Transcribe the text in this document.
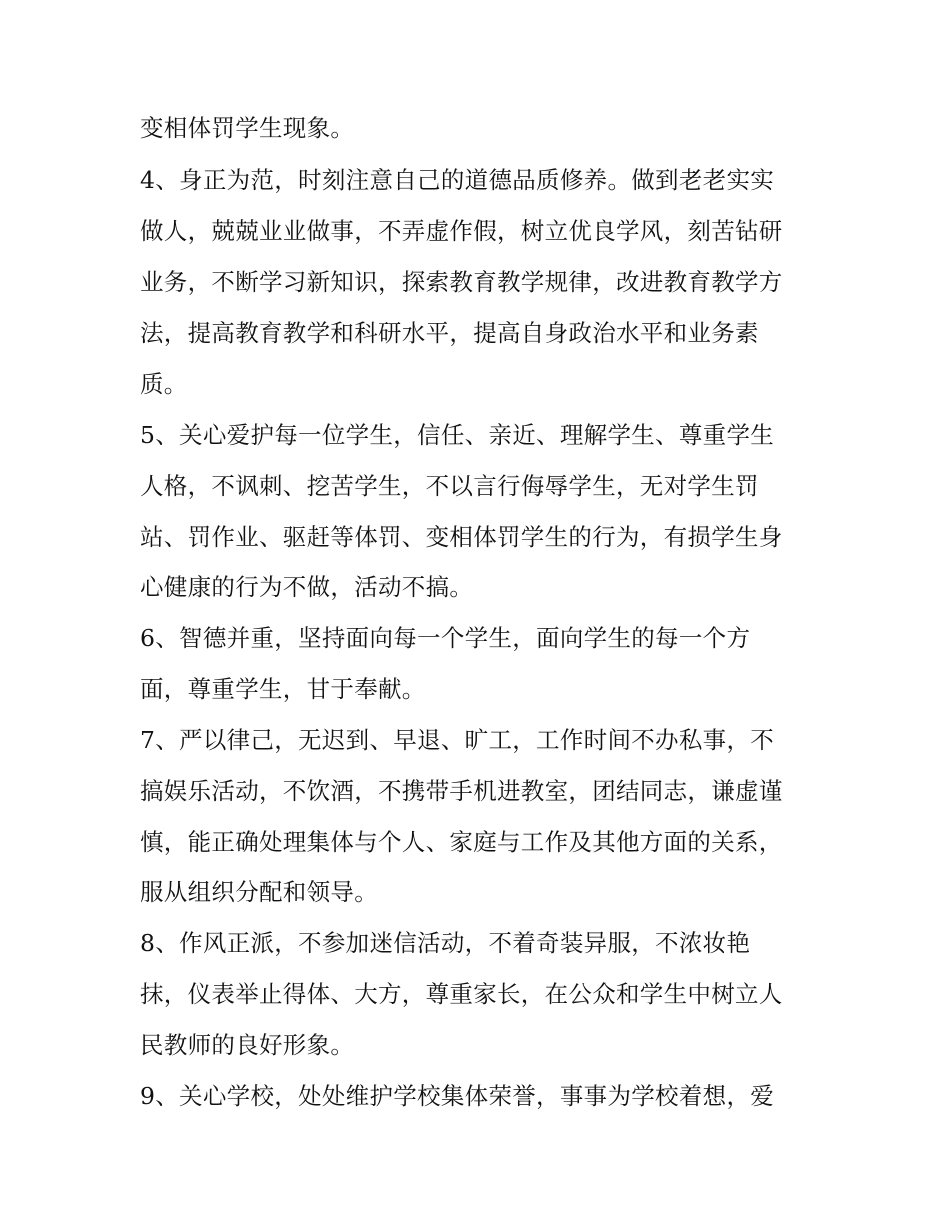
变相体罚学生现象。
4、身正为范，时刻注意自己的道德品质修养。做到老老实实
做人，兢兢业业做事，不弄虚作假，树立优良学风，刻苦钻研
业务，不断学习新知识，探索教育教学规律，改进教育教学方
法，提高教育教学和科研水平，提高自身政治水平和业务素
质。
5、关心爱护每一位学生，信任、亲近、理解学生、尊重学生
人格，不讽刺、挖苦学生，不以言行侮辱学生，无对学生罚
站、罚作业、驱赶等体罚、变相体罚学生的行为，有损学生身
心健康的行为不做，活动不搞。
6、智德并重，坚持面向每一个学生，面向学生的每一个方
面，尊重学生，甘于奉献。
7、严以律己，无迟到、早退、旷工，工作时间不办私事，不
搞娱乐活动，不饮酒，不携带手机进教室，团结同志，谦虚谨
慎，能正确处理集体与个人、家庭与工作及其他方面的关系，
服从组织分配和领导。
8、作风正派，不参加迷信活动，不着奇装异服，不浓妆艳
抹，仪表举止得体、大方，尊重家长，在公众和学生中树立人
民教师的良好形象。
9、关心学校，处处维护学校集体荣誉，事事为学校着想，爱
